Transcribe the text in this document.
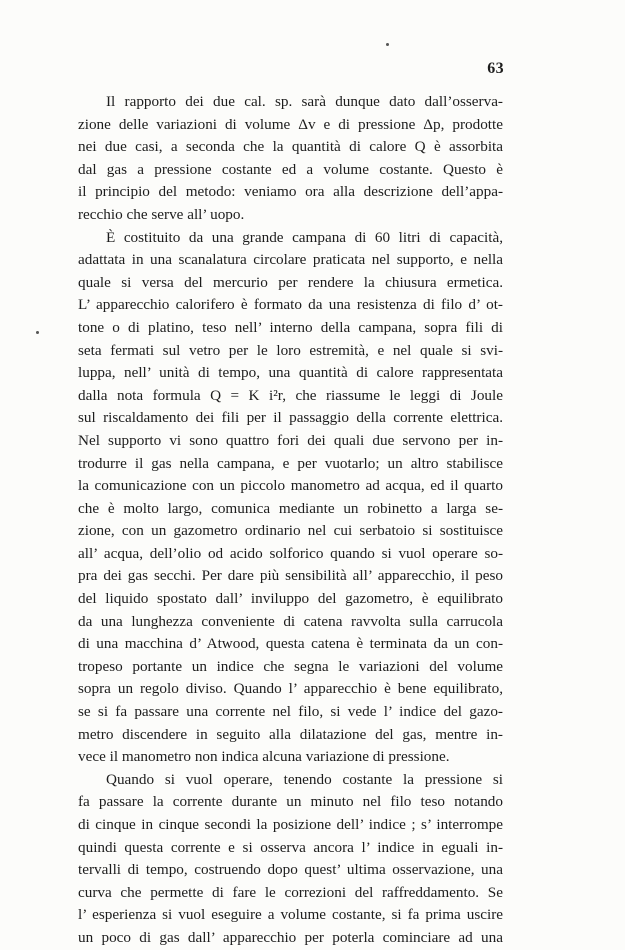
63
Il rapporto dei due cal. sp. sarà dunque dato dall’osserva-
zione delle variazioni di volume Δv e di pressione Δp, prodotte
nei due casi, a seconda che la quantità di calore Q è assorbita
dal gas a pressione costante ed a volume costante. Questo è
il principio del metodo: veniamo ora alla descrizione dell’appa-
recchio che serve all’ uopo.
È costituito da una grande campana di 60 litri di capacità,
adattata in una scanalatura circolare praticata nel supporto, e nella
quale si versa del mercurio per rendere la chiusura ermetica.
L’ apparecchio calorifero è formato da una resistenza di filo d’ ot-
tone o di platino, teso nell’ interno della campana, sopra fili di
seta fermati sul vetro per le loro estremità, e nel quale si svi-
luppa, nell’ unità di tempo, una quantità di calore rappresentata
dalla nota formula Q = K i²r, che riassume le leggi di Joule
sul riscaldamento dei fili per il passaggio della corrente elettrica.
Nel supporto vi sono quattro fori dei quali due servono per in-
trodurre il gas nella campana, e per vuotarlo; un altro stabilisce
la comunicazione con un piccolo manometro ad acqua, ed il quarto
che è molto largo, comunica mediante un robinetto a larga se-
zione, con un gazometro ordinario nel cui serbatoio si sostituisce
all’ acqua, dell’olio od acido solforico quando si vuol operare so-
pra dei gas secchi. Per dare più sensibilità all’ apparecchio, il peso
del liquido spostato dall’ inviluppo del gazometro, è equilibrato
da una lunghezza conveniente di catena ravvolta sulla carrucola
di una macchina d’ Atwood, questa catena è terminata da un con-
tropeso portante un indice che segna le variazioni del volume
sopra un regolo diviso. Quando l’ apparecchio è bene equilibrato,
se si fa passare una corrente nel filo, si vede l’ indice del gazo-
metro discendere in seguito alla dilatazione del gas, mentre in-
vece il manometro non indica alcuna variazione di pressione.
Quando si vuol operare, tenendo costante la pressione si
fa passare la corrente durante un minuto nel filo teso notando
di cinque in cinque secondi la posizione dell’ indice ; s’ interrompe
quindi questa corrente e si osserva ancora l’ indice in eguali in-
tervalli di tempo, costruendo dopo quest’ ultima osservazione, una
curva che permette di fare le correzioni del raffreddamento. Se
l’ esperienza si vuol eseguire a volume costante, si fa prima uscire
un poco di gas dall’ apparecchio per poterla cominciare ad una
